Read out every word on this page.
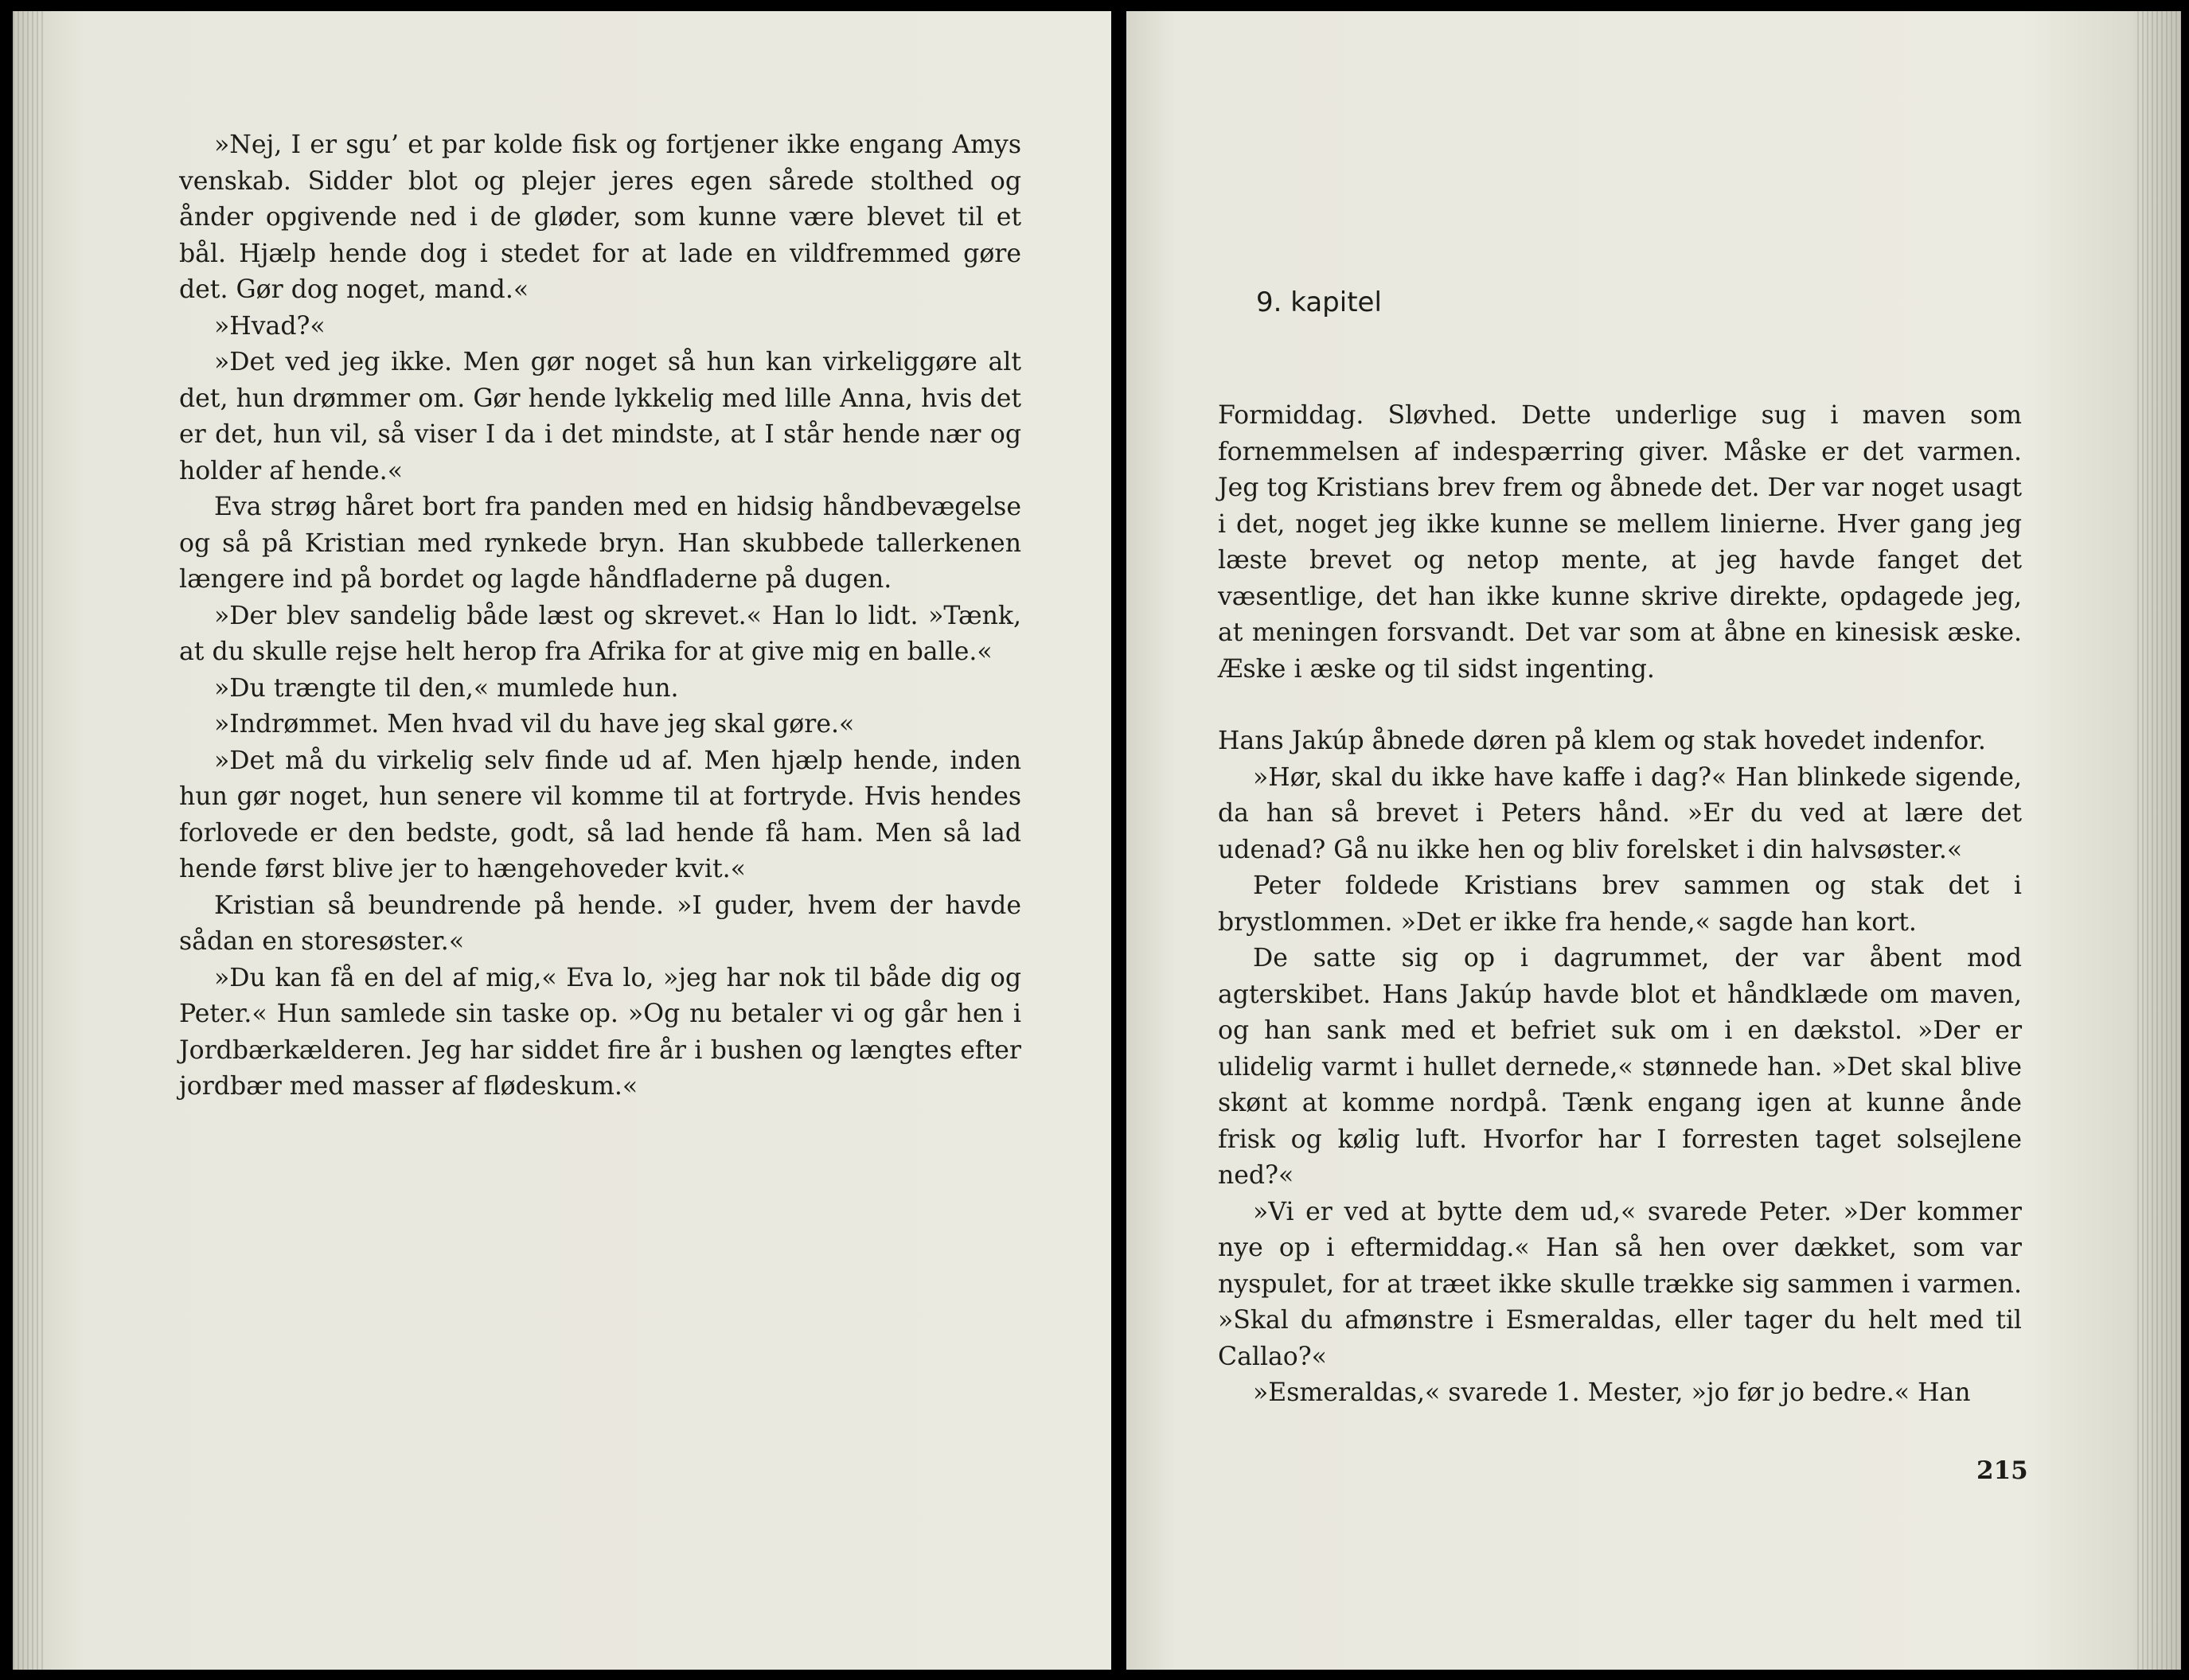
»Nej, I er sgu’ et par kolde fisk og fortjener ikke engang Amys venskab. Sidder blot og plejer jeres egen sårede stolthed og ånder opgivende ned i de gløder, som kunne være blevet til et bål. Hjælp hende dog i stedet for at lade en vildfremmed gøre det. Gør dog noget, mand.«

»Hvad?«

»Det ved jeg ikke. Men gør noget så hun kan virkeliggøre alt det, hun drømmer om. Gør hende lykkelig med lille Anna, hvis det er det, hun vil, så viser I da i det mindste, at I står hende nær og holder af hende.«

Eva strøg håret bort fra panden med en hidsig håndbevægelse og så på Kristian med rynkede bryn. Han skubbede tallerkenen længere ind på bordet og lagde håndfladerne på dugen.

»Der blev sandelig både læst og skrevet.« Han lo lidt. »Tænk, at du skulle rejse helt herop fra Afrika for at give mig en balle.«

»Du trængte til den,« mumlede hun.

»Indrømmet. Men hvad vil du have jeg skal gøre.«

»Det må du virkelig selv finde ud af. Men hjælp hende, inden hun gør noget, hun senere vil komme til at fortryde. Hvis hendes forlovede er den bedste, godt, så lad hende få ham. Men så lad hende først blive jer to hængehoveder kvit.«

Kristian så beundrende på hende. »I guder, hvem der havde sådan en storesøster.«

»Du kan få en del af mig,« Eva lo, »jeg har nok til både dig og Peter.« Hun samlede sin taske op. »Og nu betaler vi og går hen i Jordbærkælderen. Jeg har siddet fire år i bushen og længtes efter jordbær med masser af flødeskum.«

9. kapitel

Formiddag. Sløvhed. Dette underlige sug i maven som fornemmelsen af indespærring giver. Måske er det varmen. Jeg tog Kristians brev frem og åbnede det. Der var noget usagt i det, noget jeg ikke kunne se mellem linierne. Hver gang jeg læste brevet og netop mente, at jeg havde fanget det væsentlige, det han ikke kunne skrive direkte, opdagede jeg, at meningen forsvandt. Det var som at åbne en kinesisk æske. Æske i æske og til sidst ingenting.

Hans Jakúp åbnede døren på klem og stak hovedet indenfor.

»Hør, skal du ikke have kaffe i dag?« Han blinkede sigende, da han så brevet i Peters hånd. »Er du ved at lære det udenad? Gå nu ikke hen og bliv forelsket i din halvsøster.«

Peter foldede Kristians brev sammen og stak det i brystlommen. »Det er ikke fra hende,« sagde han kort.

De satte sig op i dagrummet, der var åbent mod agterskibet. Hans Jakúp havde blot et håndklæde om maven, og han sank med et befriet suk om i en dækstol. »Der er ulidelig varmt i hullet dernede,« stønnede han. »Det skal blive skønt at komme nordpå. Tænk engang igen at kunne ånde frisk og kølig luft. Hvorfor har I forresten taget solsejlene ned?«

»Vi er ved at bytte dem ud,« svarede Peter. »Der kommer nye op i eftermiddag.« Han så hen over dækket, som var nyspulet, for at træet ikke skulle trække sig sammen i varmen. »Skal du afmønstre i Esmeraldas, eller tager du helt med til Callao?«

»Esmeraldas,« svarede 1. Mester, »jo før jo bedre.« Han

215
